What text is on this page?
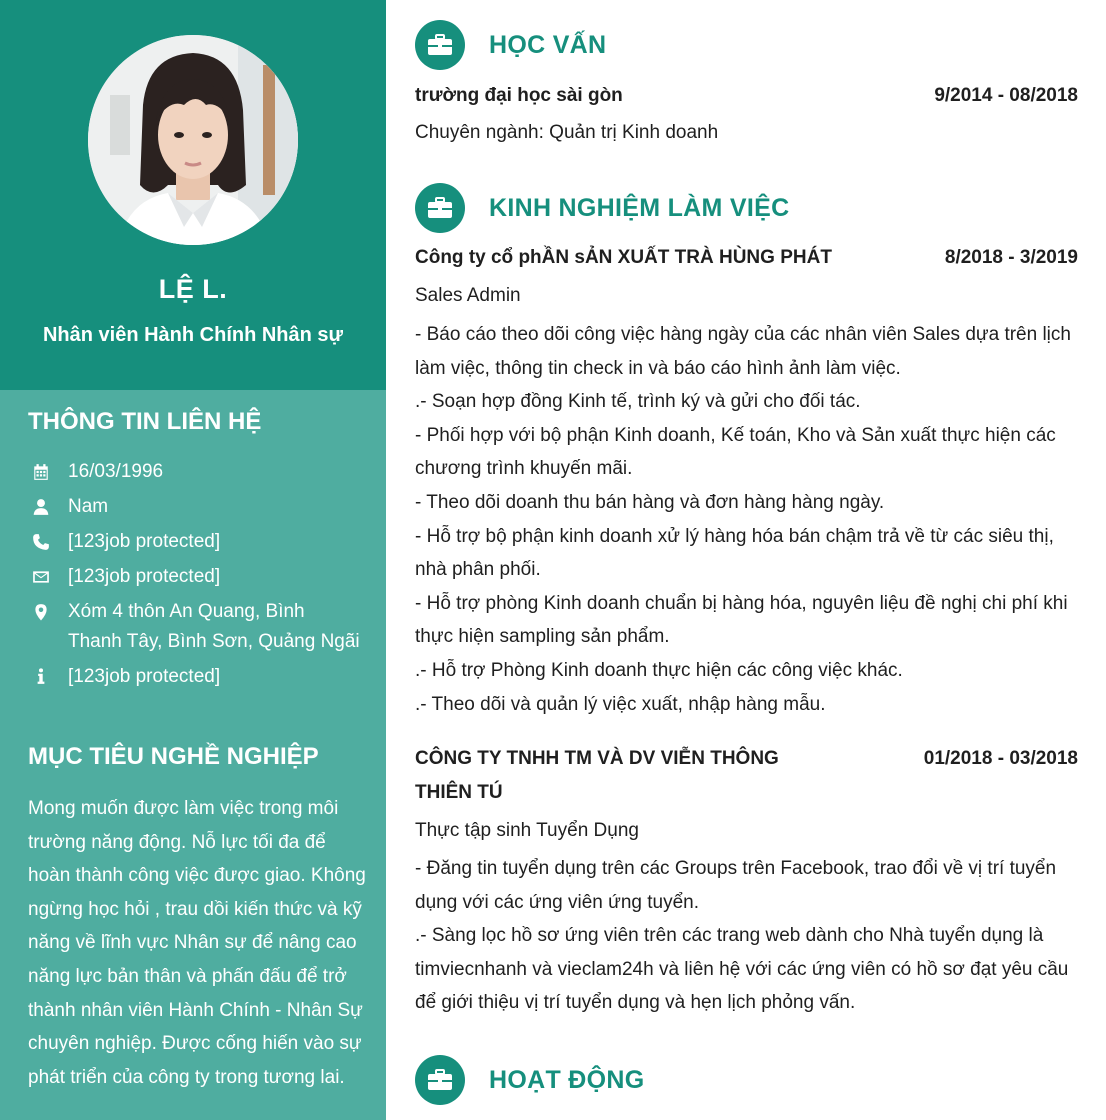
LỆ L.
Nhân viên Hành Chính Nhân sự
THÔNG TIN LIÊN HỆ
16/03/1996
Nam
[123job protected]
[123job protected]
Xóm 4 thôn An Quang, Bình Thanh Tây, Bình Sơn, Quảng Ngãi
[123job protected]
MỤC TIÊU NGHỀ NGHIỆP
Mong muốn được làm việc trong môi trường năng động. Nỗ lực tối đa để hoàn thành công việc được giao. Không ngừng học hỏi , trau dồi kiến thức và kỹ năng về lĩnh vực Nhân sự để nâng cao năng lực bản thân và phấn đấu để trở thành nhân viên Hành Chính - Nhân Sự chuyên nghiệp. Được cống hiến vào sự phát triển của công ty trong tương lai.
HỌC VẤN
trường đại học sài gòn	9/2014 - 08/2018
Chuyên ngành: Quản trị Kinh doanh
KINH NGHIỆM LÀM VIỆC
Công ty cổ phẦN sẢN XUẤT TRÀ HÙNG PHÁT	8/2018 - 3/2019
Sales Admin
- Báo cáo theo dõi công việc hàng ngày của các nhân viên Sales dựa trên lịch làm việc, thông tin check in và báo cáo hình ảnh làm việc.
.- Soạn hợp đồng Kinh tế, trình ký và gửi cho đối tác.
- Phối hợp với bộ phận Kinh doanh, Kế toán, Kho và Sản xuất thực hiện các chương trình khuyến mãi.
- Theo dõi doanh thu bán hàng và đơn hàng hàng ngày.
- Hỗ trợ bộ phận kinh doanh xử lý hàng hóa bán chậm trả về từ các siêu thị, nhà phân phối.
- Hỗ trợ phòng Kinh doanh chuẩn bị hàng hóa, nguyên liệu đề nghị chi phí khi thực hiện sampling sản phẩm.
.- Hỗ trợ Phòng Kinh doanh thực hiện các công việc khác.
.- Theo dõi và quản lý việc xuất, nhập hàng mẫu.
CÔNG TY TNHH TM VÀ DV VIỄN THÔNG THIÊN TÚ
01/2018 - 03/2018
Thực tập sinh Tuyển Dụng
- Đăng tin tuyển dụng trên các Groups trên Facebook, trao đổi về vị trí tuyển dụng với các ứng viên ứng tuyển.
.- Sàng lọc hồ sơ ứng viên trên các trang web dành cho Nhà tuyển dụng là timviecnhanh và vieclam24h và liên hệ với các ứng viên có hồ sơ đạt yêu cầu để giới thiệu vị trí tuyển dụng và hẹn lịch phỏng vấn.
HOẠT ĐỘNG
